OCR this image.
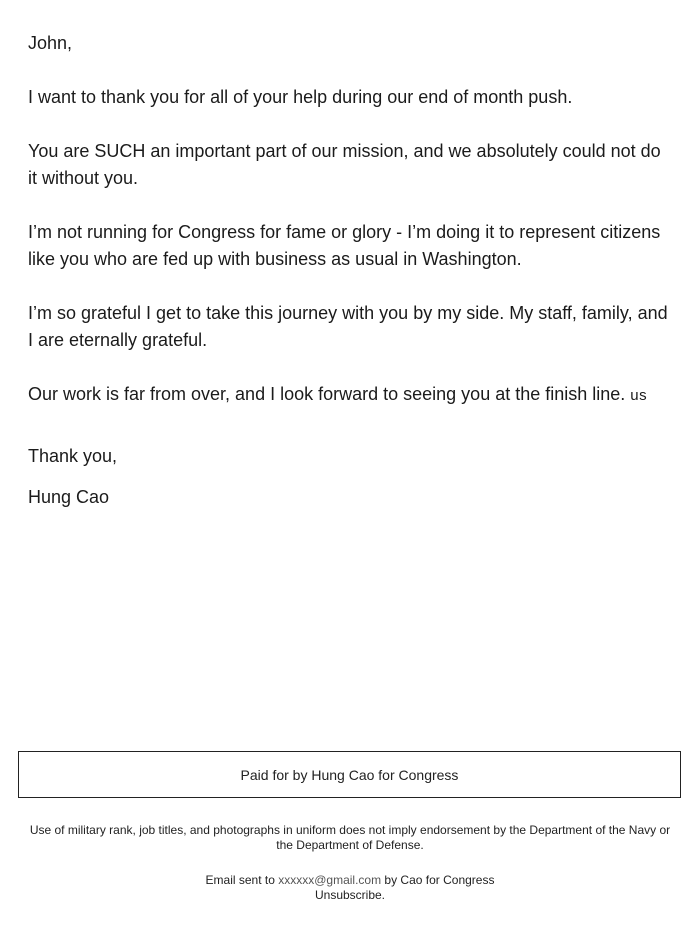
John,

I want to thank you for all of your help during our end of month push.

You are SUCH an important part of our mission, and we absolutely could not do it without you.

I’m not running for Congress for fame or glory - I’m doing it to represent citizens like you who are fed up with business as usual in Washington.

I’m so grateful I get to take this journey with you by my side. My staff, family, and I are eternally grateful.

Our work is far from over, and I look forward to seeing you at the finish line. us

Thank you,

Hung Cao

Paid for by Hung Cao for Congress

Use of military rank, job titles, and photographs in uniform does not imply endorsement by the Department of the Navy or the Department of Defense.

Email sent to xxxxxx@gmail.com by Cao for Congress

Unsubscribe.
